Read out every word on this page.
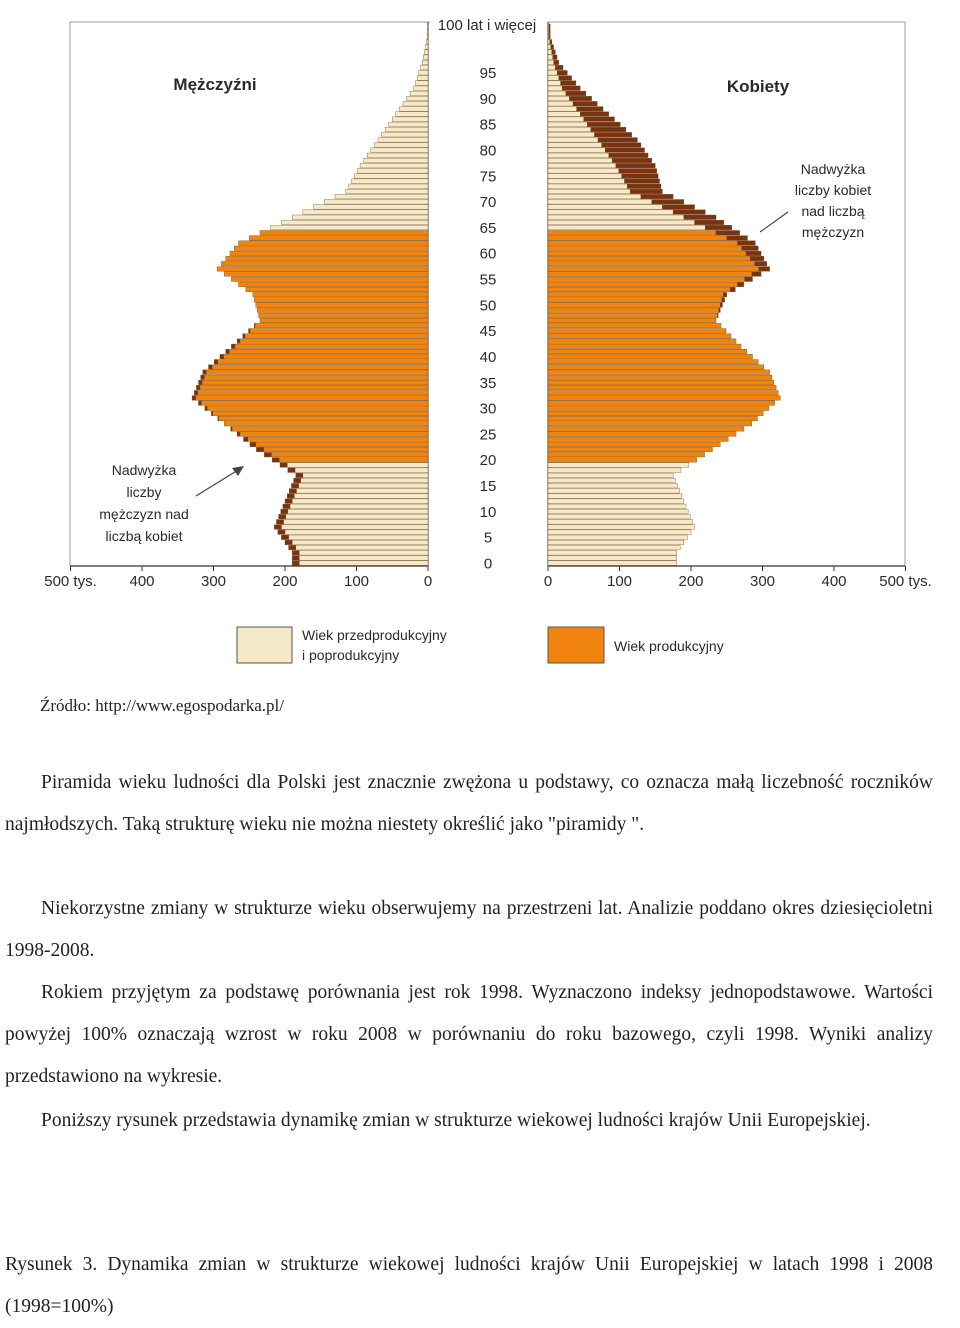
Mężczyźni	Kobiety
100 lat i więcej
95
90
85
80
75
70
65
60
55
50
45
40
35
30
25
20
15
10
5
0
500 tys. 400	300	200	100	0	0	100	200	300	400 500 tys.
Nadwyżka
liczby kobiet
nad liczbą
mężczyzn
Nadwyżka
liczby
mężczyzn nad
liczbą kobiet
Wiek przedprodukcyjny
i poprodukcyjny
Wiek produkcyjny
Źródło: http://www.egospodarka.pl/

Piramida wieku ludności dla Polski jest znacznie zwężona u podstawy, co oznacza małą liczebność roczników najmłodszych. Taką strukturę wieku nie można niestety określić jako "piramidy ".

Niekorzystne zmiany w strukturze wieku obserwujemy na przestrzeni lat. Analizie poddano okres dziesięcioletni 1998-2008.

Rokiem przyjętym za podstawę porównania jest rok 1998. Wyznaczono indeksy jednopodstawowe. Wartości powyżej 100% oznaczają wzrost w roku 2008 w porównaniu do roku bazowego, czyli 1998. Wyniki analizy przedstawiono na wykresie.

Poniższy rysunek przedstawia dynamikę zmian w strukturze wiekowej ludności krajów Unii Europejskiej.

Rysunek 3. Dynamika zmian w strukturze wiekowej ludności krajów Unii Europejskiej w latach 1998 i 2008 (1998=100%)
